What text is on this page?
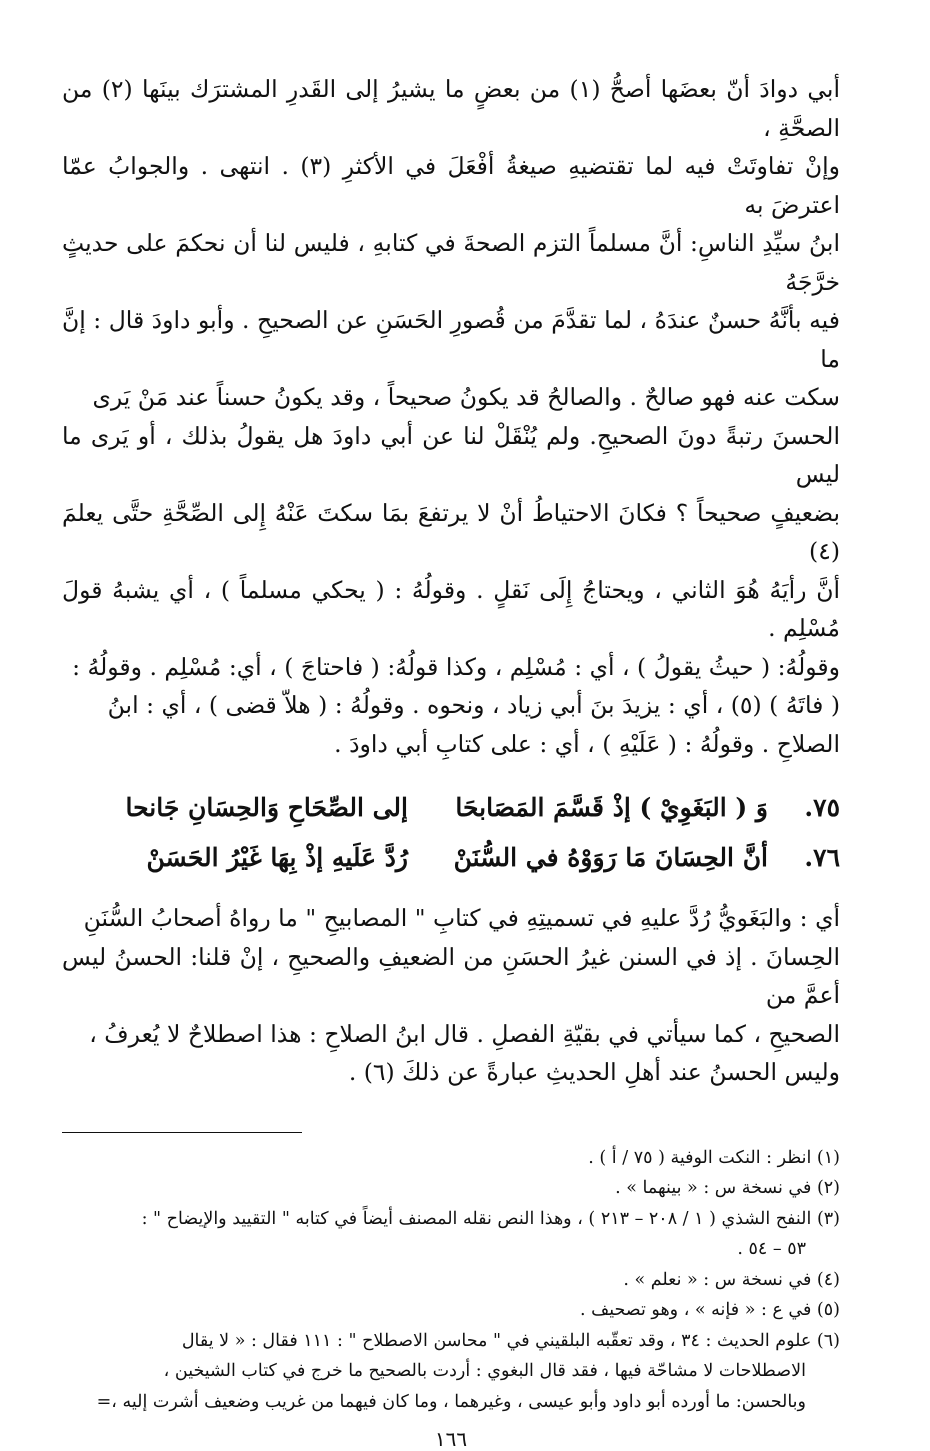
أبي دوادَ أنّ بعضَها أصحُّ (١) من بعضٍ ما يشيرُ إلى القَدرِ المشترَك بينَها (٢) من الصحَّةِ ،

وإنْ تفاوتَتْ فيه لما تقتضيهِ صيغةُ أفْعَلَ في الأكثرِ (٣) . انتهى . والجوابُ عمّا اعترضَ به

ابنُ سيِّدِ الناسِ: أنَّ مسلماً التزم الصحةَ في كتابهِ ، فليس لنا أن نحكمَ على حديثٍ خرَّجَهُ

فيه بأنَّهُ حسنٌ عندَهُ ، لما تقدَّمَ من قُصورِ الحَسَنِ عن الصحيحِ . وأبو داودَ قال : إنَّ ما

سكت عنه فهو صالحٌ . والصالحُ قد يكونُ صحيحاً ، وقد يكونُ حسناً عند مَنْ يَرى

الحسنَ رتبةً دونَ الصحيحِ. ولم يُنْقَلْ لنا عن أبي داودَ هل يقولُ بذلك ، أو يَرى ما ليس

بضعيفٍ صحيحاً ؟ فكانَ الاحتياطُ أنْ لا يرتفعَ بمَا سكتَ عَنْهُ إِلى الصِّحَّةِ حتَّى يعلمَ (٤)

أنَّ رأيَهُ هُوَ الثاني ، ويحتاجُ إِلَى نَقلٍ . وقولُهُ : ( يحكي مسلماً ) ، أي يشبهُ قولَ مُسْلِم .

وقولُهُ: ( حيثُ يقولُ ) ، أي : مُسْلِم ، وكذا قولُهُ: ( فاحتاجَ ) ، أي: مُسْلِم . وقولُهُ :

( فاتَهُ ) (٥) ، أي : يزيدَ بنَ أبي زياد ، ونحوه . وقولُهُ : ( هلاّ قضى ) ، أي : ابنُ

الصلاحِ . وقولُهُ : ( عَلَيْهِ ) ، أي : على كتابِ أبي داودَ .

٧٥.
وَ ( البَغَوِيْ ) إذْ قَسَّمَ المَصَابحَا
إلى الصِّحَاحِ وَالحِسَانِ جَانحا
٧٦.
أنَّ الحِسَانَ مَا رَوَوْهُ في السُّنَنْ
رُدَّ عَلَيهِ إذْ بِهَا غَيْرُ الحَسَنْ

أي : والبَغَويُّ رُدَّ عليهِ في تسميتِهِ في كتابِ " المصابيحِ " ما رواهُ أصحابُ السُّنَنِ

الحِسانَ . إذ في السنن غيرُ الحسَنِ من الضعيفِ والصحيحِ ، إنْ قلنا: الحسنُ ليس أعمَّ من

الصحيحِ ، كما سيأتي في بقيّةِ الفصلِ . قال ابنُ الصلاحِ : هذا اصطلاحٌ لا يُعرفُ ،

وليس الحسنُ عند أهلِ الحديثِ عبارةً عن ذلكَ (٦) .

(١) انظر : النكت الوفية ( ٧٥ / أ ) .

(٢) في نسخة س : « بينهما » .

(٣) النفح الشذي ( ١ / ٢٠٨ – ٢١٣ ) ، وهذا النص نقله المصنف أيضاً في كتابه " التقييد والإيضاح " :

٥٣ – ٥٤ .

(٤) في نسخة س : « نعلم » .

(٥) في ع : « فإنه » ، وهو تصحيف .

(٦) علوم الحديث : ٣٤ ، وقد تعقّبه البلقيني في " محاسن الاصطلاح " : ١١١ فقال : « لا يقال

الاصطلاحات لا مشاحّة فيها ، فقد قال البغوي : أردت بالصحيح ما خرج في كتاب الشيخين ،

وبالحسن: ما أورده أبو داود وأبو عيسى ، وغيرهما ، وما كان فيهما من غريب وضعيف أشرت إليه ،=

١٦٦
